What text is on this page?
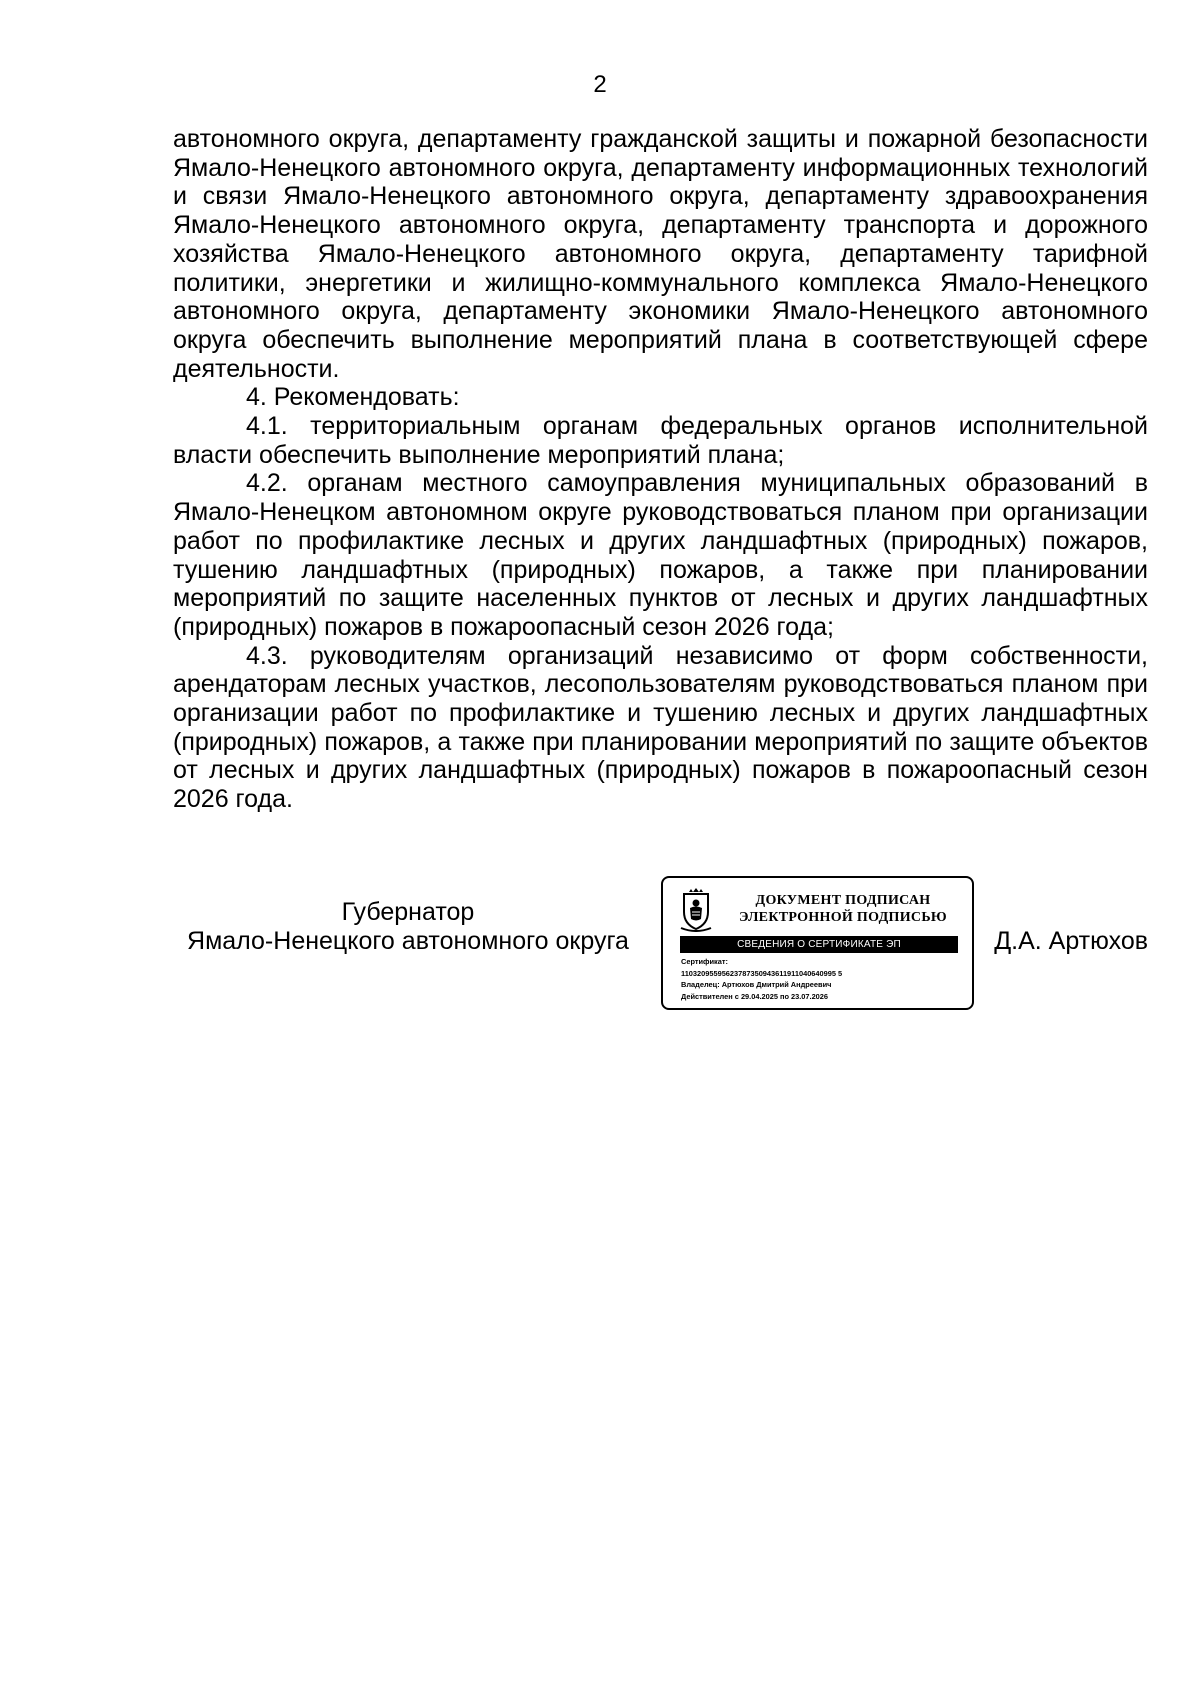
2

автономного округа, департаменту гражданской защиты и пожарной безопасности Ямало-Ненецкого автономного округа, департаменту информационных технологий и связи Ямало-Ненецкого автономного округа, департаменту здравоохранения Ямало-Ненецкого автономного округа, департаменту транспорта и дорожного хозяйства Ямало-Ненецкого автономного округа, департаменту тарифной политики, энергетики и жилищно-коммунального комплекса Ямало-Ненецкого автономного округа, департаменту экономики Ямало-Ненецкого автономного округа обеспечить выполнение мероприятий плана в соответствующей сфере деятельности.

4. Рекомендовать:

4.1. территориальным органам федеральных органов исполнительной власти обеспечить выполнение мероприятий плана;

4.2. органам местного самоуправления муниципальных образований в Ямало-Ненецком автономном округе руководствоваться планом при организации работ по профилактике лесных и других ландшафтных (природных) пожаров, тушению ландшафтных (природных) пожаров, а также при планировании мероприятий по защите населенных пунктов от лесных и других ландшафтных (природных) пожаров в пожароопасный сезон 2026 года;

4.3. руководителям организаций независимо от форм собственности, арендаторам лесных участков, лесопользователям руководствоваться планом при организации работ по профилактике и тушению лесных и других ландшафтных (природных) пожаров, а также при планировании мероприятий по защите объектов от лесных и других ландшафтных (природных) пожаров в пожароопасный сезон 2026 года.

Губернатор
Ямало-Ненецкого автономного округа
ДОКУМЕНТ ПОДПИСАН
ЭЛЕКТРОННОЙ ПОДПИСЬЮ
СВЕДЕНИЯ О СЕРТИФИКАТЕ ЭП
Сертификат:
11032095595623787350943611911040640995 5
Владелец: Артюхов Дмитрий Андреевич
Действителен с 29.04.2025 по 23.07.2026
Д.А. Артюхов
